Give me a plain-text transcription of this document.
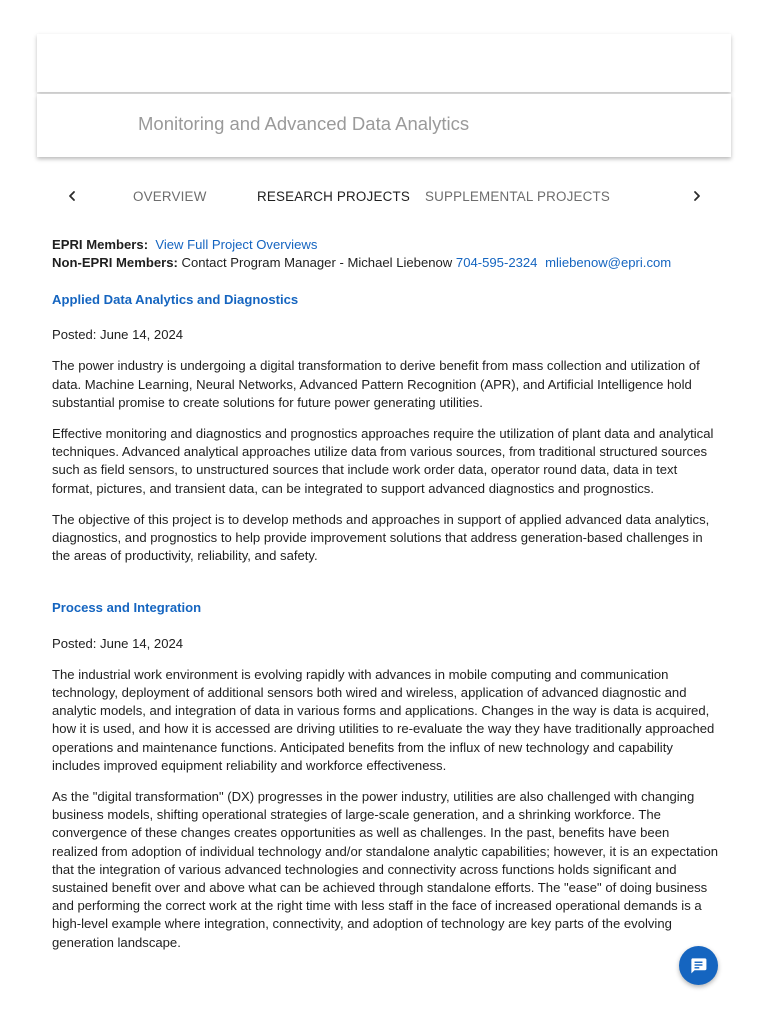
Monitoring and Advanced Data Analytics
OVERVIEW	RESEARCH PROJECTS SUPPLEMENTAL PROJECTS
EPRI Members: View Full Project Overviews
Non-EPRI Members: Contact Program Manager - Michael Liebenow 704-595-2324 mliebenow@epri.com
Applied Data Analytics and Diagnostics

Posted: June 14, 2024

The power industry is undergoing a digital transformation to derive benefit from mass collection and utilization of data. Machine Learning, Neural Networks, Advanced Pattern Recognition (APR), and Artificial Intelligence hold substantial promise to create solutions for future power generating utilities.

Effective monitoring and diagnostics and prognostics approaches require the utilization of plant data and analytical techniques. Advanced analytical approaches utilize data from various sources, from traditional structured sources such as field sensors, to unstructured sources that include work order data, operator round data, data in text format, pictures, and transient data, can be integrated to support advanced diagnostics and prognostics.

The objective of this project is to develop methods and approaches in support of applied advanced data analytics, diagnostics, and prognostics to help provide improvement solutions that address generation-based challenges in the areas of productivity, reliability, and safety.

Process and Integration

Posted: June 14, 2024

The industrial work environment is evolving rapidly with advances in mobile computing and communication technology, deployment of additional sensors both wired and wireless, application of advanced diagnostic and analytic models, and integration of data in various forms and applications. Changes in the way is data is acquired, how it is used, and how it is accessed are driving utilities to re-evaluate the way they have traditionally approached operations and maintenance functions. Anticipated benefits from the influx of new technology and capability includes improved equipment reliability and workforce effectiveness.

As the "digital transformation" (DX) progresses in the power industry, utilities are also challenged with changing business models, shifting operational strategies of large-scale generation, and a shrinking workforce. The convergence of these changes creates opportunities as well as challenges. In the past, benefits have been realized from adoption of individual technology and/or standalone analytic capabilities; however, it is an expectation that the integration of various advanced technologies and connectivity across functions holds significant and sustained benefit over and above what can be achieved through standalone efforts. The "ease" of doing business and performing the correct work at the right time with less staff in the face of increased operational demands is a high-level example where integration, connectivity, and adoption of technology are key parts of the evolving generation landscape.
